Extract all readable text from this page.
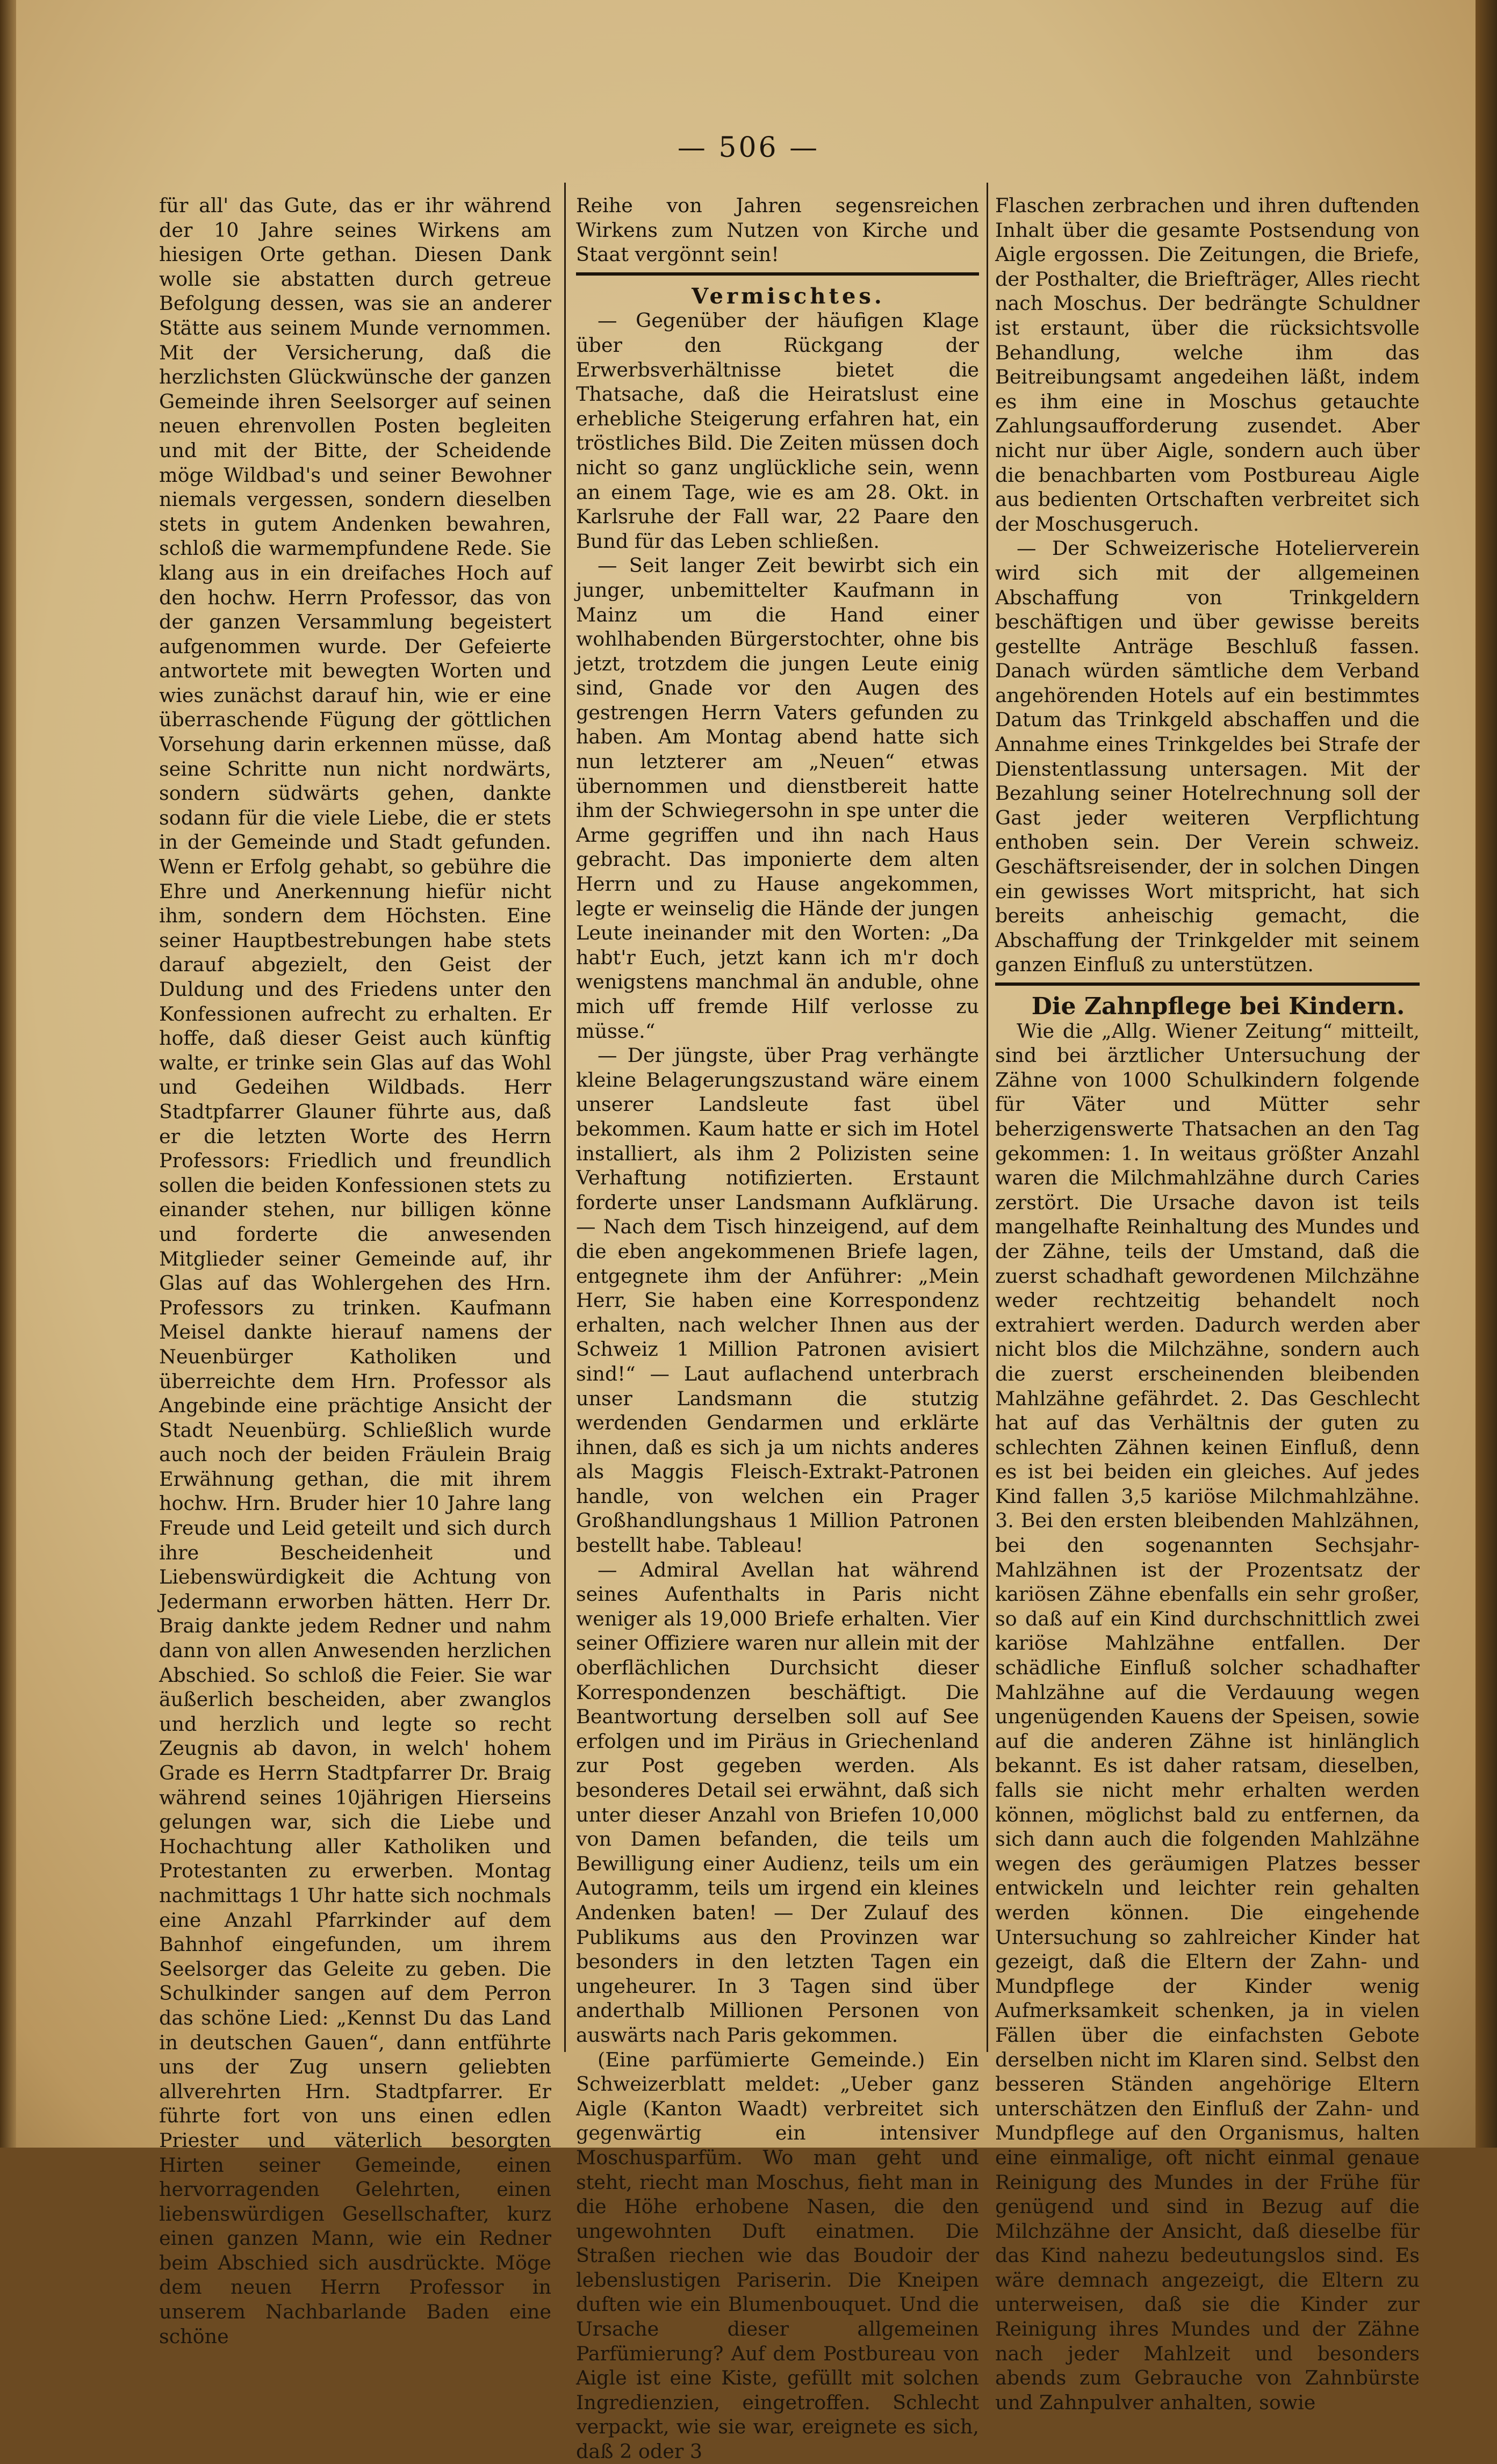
— 506 —

für all' das Gute, das er ihr während der 10 Jahre seines Wirkens am hiesigen Orte gethan. Diesen Dank wolle sie abstatten durch getreue Befolgung dessen, was sie an anderer Stätte aus seinem Munde vernommen. Mit der Versicherung, daß die herzlichsten Glückwünsche der ganzen Gemeinde ihren Seelsorger auf seinen neuen ehrenvollen Posten begleiten und mit der Bitte, der Scheidende möge Wildbad's und seiner Bewohner niemals vergessen, sondern dieselben stets in gutem Andenken bewahren, schloß die warmempfundene Rede. Sie klang aus in ein dreifaches Hoch auf den hochw. Herrn Professor, das von der ganzen Versammlung begeistert aufgenommen wurde. Der Gefeierte antwortete mit bewegten Worten und wies zunächst darauf hin, wie er eine überraschende Fügung der göttlichen Vorsehung darin erkennen müsse, daß seine Schritte nun nicht nordwärts, sondern südwärts gehen, dankte sodann für die viele Liebe, die er stets in der Gemeinde und Stadt gefunden. Wenn er Erfolg gehabt, so gebühre die Ehre und Anerkennung hiefür nicht ihm, sondern dem Höchsten. Eine seiner Hauptbestrebungen habe stets darauf abgezielt, den Geist der Duldung und des Friedens unter den Konfessionen aufrecht zu erhalten. Er hoffe, daß dieser Geist auch künftig walte, er trinke sein Glas auf das Wohl und Gedeihen Wildbads. Herr Stadtpfarrer Glauner führte aus, daß er die letzten Worte des Herrn Professors: Friedlich und freundlich sollen die beiden Konfessionen stets zu einander stehen, nur billigen könne und forderte die anwesenden Mitglieder seiner Gemeinde auf, ihr Glas auf das Wohlergehen des Hrn. Professors zu trinken. Kaufmann Meisel dankte hierauf namens der Neuenbürger Katholiken und überreichte dem Hrn. Professor als Angebinde eine prächtige Ansicht der Stadt Neuenbürg. Schließlich wurde auch noch der beiden Fräulein Braig Erwähnung gethan, die mit ihrem hochw. Hrn. Bruder hier 10 Jahre lang Freude und Leid geteilt und sich durch ihre Bescheidenheit und Liebenswürdigkeit die Achtung von Jedermann erworben hätten. Herr Dr. Braig dankte jedem Redner und nahm dann von allen Anwesenden herzlichen Abschied. So schloß die Feier. Sie war äußerlich bescheiden, aber zwanglos und herzlich und legte so recht Zeugnis ab davon, in welch' hohem Grade es Herrn Stadtpfarrer Dr. Braig während seines 10jährigen Hierseins gelungen war, sich die Liebe und Hochachtung aller Katholiken und Protestanten zu erwerben. Montag nachmittags 1 Uhr hatte sich nochmals eine Anzahl Pfarrkinder auf dem Bahnhof eingefunden, um ihrem Seelsorger das Geleite zu geben. Die Schulkinder sangen auf dem Perron das schöne Lied: „Kennst Du das Land in deutschen Gauen“, dann entführte uns der Zug unsern geliebten allverehrten Hrn. Stadtpfarrer. Er führte fort von uns einen edlen Priester und väterlich besorgten Hirten seiner Gemeinde, einen hervorragenden Gelehrten, einen liebenswürdigen Gesellschafter, kurz einen ganzen Mann, wie ein Redner beim Abschied sich ausdrückte. Möge dem neuen Herrn Professor in unserem Nachbarlande Baden eine schöne

Reihe von Jahren segensreichen Wirkens zum Nutzen von Kirche und Staat vergönnt sein!

Vermischtes.

— Gegenüber der häufigen Klage über den Rückgang der Erwerbsverhältnisse bietet die Thatsache, daß die Heiratslust eine erhebliche Steigerung erfahren hat, ein tröstliches Bild. Die Zeiten müssen doch nicht so ganz unglückliche sein, wenn an einem Tage, wie es am 28. Okt. in Karlsruhe der Fall war, 22 Paare den Bund für das Leben schließen.

— Seit langer Zeit bewirbt sich ein junger, unbemittelter Kaufmann in Mainz um die Hand einer wohlhabenden Bürgerstochter, ohne bis jetzt, trotzdem die jungen Leute einig sind, Gnade vor den Augen des gestrengen Herrn Vaters gefunden zu haben. Am Montag abend hatte sich nun letzterer am „Neuen“ etwas übernommen und dienstbereit hatte ihm der Schwiegersohn in spe unter die Arme gegriffen und ihn nach Haus gebracht. Das imponierte dem alten Herrn und zu Hause angekommen, legte er weinselig die Hände der jungen Leute ineinander mit den Worten: „Da habt'r Euch, jetzt kann ich m'r doch wenigstens manchmal än anduble, ohne mich uff fremde Hilf verlosse zu müsse.“

— Der jüngste, über Prag verhängte kleine Belagerungszustand wäre einem unserer Landsleute fast übel bekommen. Kaum hatte er sich im Hotel installiert, als ihm 2 Polizisten seine Verhaftung notifizierten. Erstaunt forderte unser Landsmann Aufklärung. — Nach dem Tisch hinzeigend, auf dem die eben angekommenen Briefe lagen, entgegnete ihm der Anführer: „Mein Herr, Sie haben eine Korrespondenz erhalten, nach welcher Ihnen aus der Schweiz 1 Million Patronen avisiert sind!“ — Laut auflachend unterbrach unser Landsmann die stutzig werdenden Gendarmen und erklärte ihnen, daß es sich ja um nichts anderes als Maggis Fleisch-Extrakt-Patronen handle, von welchen ein Prager Großhandlungshaus 1 Million Patronen bestellt habe. Tableau!

— Admiral Avellan hat während seines Aufenthalts in Paris nicht weniger als 19,000 Briefe erhalten. Vier seiner Offiziere waren nur allein mit der oberflächlichen Durchsicht dieser Korrespondenzen beschäftigt. Die Beantwortung derselben soll auf See erfolgen und im Piräus in Griechenland zur Post gegeben werden. Als besonderes Detail sei erwähnt, daß sich unter dieser Anzahl von Briefen 10,000 von Damen befanden, die teils um Bewilligung einer Audienz, teils um ein Autogramm, teils um irgend ein kleines Andenken baten! — Der Zulauf des Publikums aus den Provinzen war besonders in den letzten Tagen ein ungeheurer. In 3 Tagen sind über anderthalb Millionen Personen von auswärts nach Paris gekommen.

(Eine parfümierte Gemeinde.) Ein Schweizerblatt meldet: „Ueber ganz Aigle (Kanton Waadt) verbreitet sich gegenwärtig ein intensiver Moschusparfüm. Wo man geht und steht, riecht man Moschus, fieht man in die Höhe erhobene Nasen, die den ungewohnten Duft einatmen. Die Straßen riechen wie das Boudoir der lebenslustigen Pariserin. Die Kneipen duften wie ein Blumenbouquet. Und die Ursache dieser allgemeinen Parfümierung? Auf dem Postbureau von Aigle ist eine Kiste, gefüllt mit solchen Ingredienzien, eingetroffen. Schlecht verpackt, wie sie war, ereignete es sich, daß 2 oder 3

Flaschen zerbrachen und ihren duftenden Inhalt über die gesamte Postsendung von Aigle ergossen. Die Zeitungen, die Briefe, der Posthalter, die Briefträger, Alles riecht nach Moschus. Der bedrängte Schuldner ist erstaunt, über die rücksichtsvolle Behandlung, welche ihm das Beitreibungsamt angedeihen läßt, indem es ihm eine in Moschus getauchte Zahlungsaufforderung zusendet. Aber nicht nur über Aigle, sondern auch über die benachbarten vom Postbureau Aigle aus bedienten Ortschaften verbreitet sich der Moschusgeruch.

— Der Schweizerische Hotelierverein wird sich mit der allgemeinen Abschaffung von Trinkgeldern beschäftigen und über gewisse bereits gestellte Anträge Beschluß fassen. Danach würden sämtliche dem Verband angehörenden Hotels auf ein bestimmtes Datum das Trinkgeld abschaffen und die Annahme eines Trinkgeldes bei Strafe der Dienstentlassung untersagen. Mit der Bezahlung seiner Hotelrechnung soll der Gast jeder weiteren Verpflichtung enthoben sein. Der Verein schweiz. Geschäftsreisender, der in solchen Dingen ein gewisses Wort mitspricht, hat sich bereits anheischig gemacht, die Abschaffung der Trinkgelder mit seinem ganzen Einfluß zu unterstützen.

Die Zahnpflege bei Kindern.

Wie die „Allg. Wiener Zeitung“ mitteilt, sind bei ärztlicher Untersuchung der Zähne von 1000 Schulkindern folgende für Väter und Mütter sehr beherzigenswerte Thatsachen an den Tag gekommen: 1. In weitaus größter Anzahl waren die Milchmahlzähne durch Caries zerstört. Die Ursache davon ist teils mangelhafte Reinhaltung des Mundes und der Zähne, teils der Umstand, daß die zuerst schadhaft gewordenen Milchzähne weder rechtzeitig behandelt noch extrahiert werden. Dadurch werden aber nicht blos die Milchzähne, sondern auch die zuerst erscheinenden bleibenden Mahlzähne gefährdet. 2. Das Geschlecht hat auf das Verhältnis der guten zu schlechten Zähnen keinen Einfluß, denn es ist bei beiden ein gleiches. Auf jedes Kind fallen 3,5 kariöse Milchmahlzähne. 3. Bei den ersten bleibenden Mahlzähnen, bei den sogenannten Sechsjahr-Mahlzähnen ist der Prozentsatz der kariösen Zähne ebenfalls ein sehr großer, so daß auf ein Kind durchschnittlich zwei kariöse Mahlzähne entfallen. Der schädliche Einfluß solcher schadhafter Mahlzähne auf die Verdauung wegen ungenügenden Kauens der Speisen, sowie auf die anderen Zähne ist hinlänglich bekannt. Es ist daher ratsam, dieselben, falls sie nicht mehr erhalten werden können, möglichst bald zu entfernen, da sich dann auch die folgenden Mahlzähne wegen des geräumigen Platzes besser entwickeln und leichter rein gehalten werden können. Die eingehende Untersuchung so zahlreicher Kinder hat gezeigt, daß die Eltern der Zahn- und Mundpflege der Kinder wenig Aufmerksamkeit schenken, ja in vielen Fällen über die einfachsten Gebote derselben nicht im Klaren sind. Selbst den besseren Ständen angehörige Eltern unterschätzen den Einfluß der Zahn- und Mundpflege auf den Organismus, halten eine einmalige, oft nicht einmal genaue Reinigung des Mundes in der Frühe für genügend und sind in Bezug auf die Milchzähne der Ansicht, daß dieselbe für das Kind nahezu bedeutungslos sind. Es wäre demnach angezeigt, die Eltern zu unterweisen, daß sie die Kinder zur Reinigung ihres Mundes und der Zähne nach jeder Mahlzeit und besonders abends zum Gebrauche von Zahnbürste und Zahnpulver anhalten, sowie
